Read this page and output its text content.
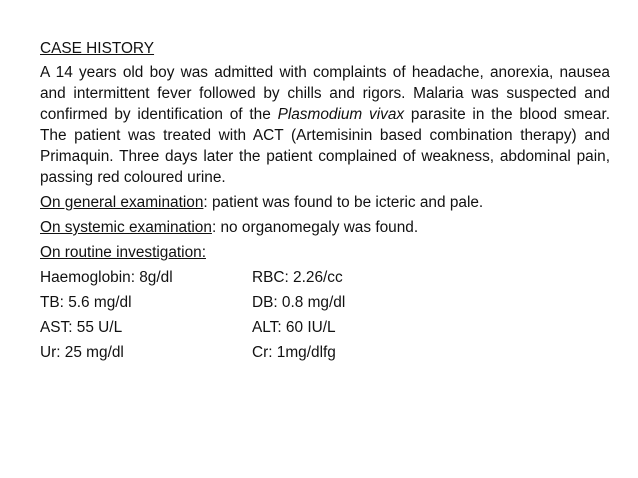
CASE HISTORY
A 14 years old boy was admitted with complaints of headache, anorexia, nausea and intermittent fever followed by chills and rigors. Malaria was suspected and confirmed by identification of the Plasmodium vivax parasite in the blood smear. The patient was treated with ACT (Artemisinin based combination therapy) and Primaquin. Three days later the patient complained of weakness, abdominal pain, passing red coloured urine.
On general examination: patient was found to be icteric and pale.
On systemic examination: no organomegaly was found.
On routine investigation:
Haemoglobin: 8g/dl	RBC: 2.26/cc
TB: 5.6 mg/dl	DB: 0.8 mg/dl
AST: 55 U/L	ALT: 60 IU/L
Ur: 25 mg/dl	Cr: 1mg/dlfg
